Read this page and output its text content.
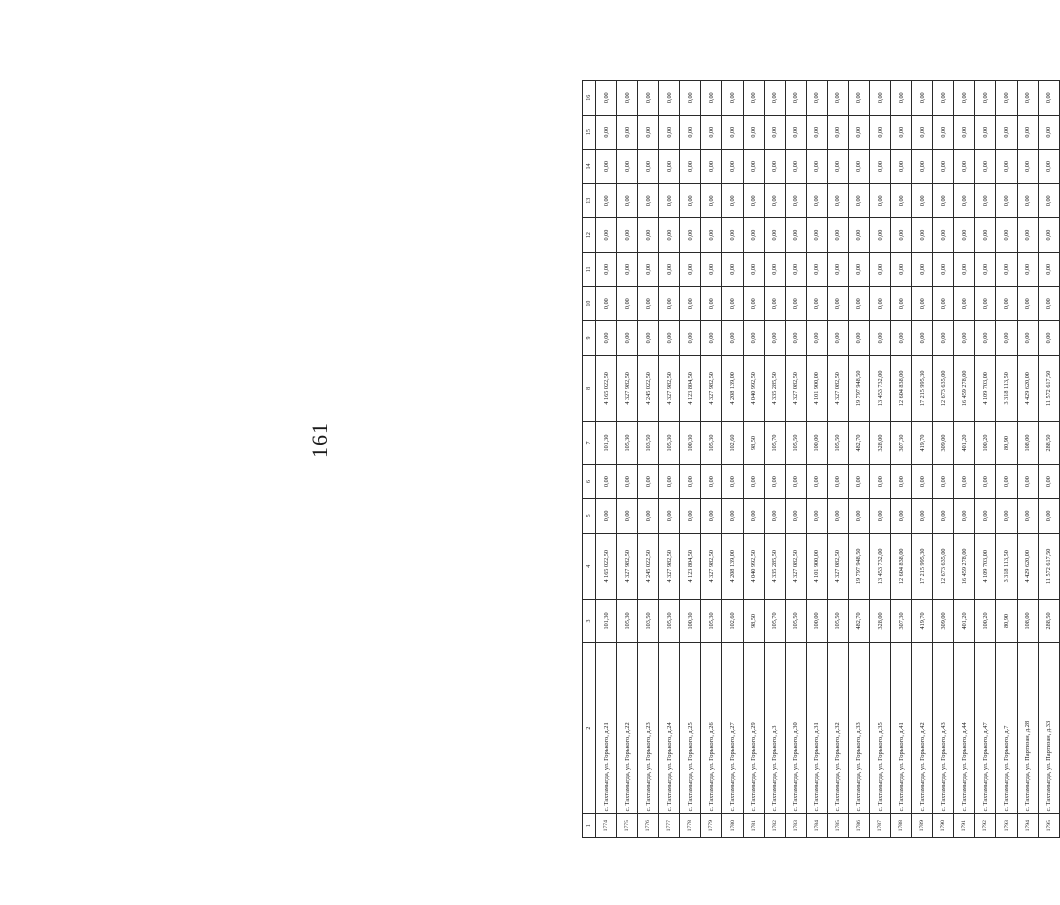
161
1	2	3	4	5	6	7	8	9	10	11	12	13	14	15	16
1774	с. Тахтамыгда, ул. Горького, д.21	101,30	4 165 022,50	0,00	0,00	101,30	4 165 022,50	0,00	0,00	0,00	0,00	0,00	0,00	0,00	0,00
1775	с. Тахтамыгда, ул. Горького, д.22	105,30	4 327 982,50	0,00	0,00	105,30	4 327 982,50	0,00	0,00	0,00	0,00	0,00	0,00	0,00	0,00
1776	с. Тахтамыгда, ул. Горького, д.23	103,50	4 245 022,50	0,00	0,00	103,50	4 245 022,50	0,00	0,00	0,00	0,00	0,00	0,00	0,00	0,00
1777	с. Тахтамыгда, ул. Горького, д.24	105,30	4 327 982,50	0,00	0,00	105,30	4 327 982,50	0,00	0,00	0,00	0,00	0,00	0,00	0,00	0,00
1778	с. Тахтамыгда, ул. Горького, д.25	100,30	4 123 804,50	0,00	0,00	100,30	4 123 804,50	0,00	0,00	0,00	0,00	0,00	0,00	0,00	0,00
1779	с. Тахтамыгда, ул. Горького, д.26	105,30	4 327 982,50	0,00	0,00	105,30	4 327 982,50	0,00	0,00	0,00	0,00	0,00	0,00	0,00	0,00
1780	с. Тахтамыгда, ул. Горького, д.27	102,60	4 208 139,00	0,00	0,00	102,60	4 208 139,00	0,00	0,00	0,00	0,00	0,00	0,00	0,00	0,00
1781	с. Тахтамыгда, ул. Горького, д.29	98,50	4 040 992,50	0,00	0,00	98,50	4 040 992,50	0,00	0,00	0,00	0,00	0,00	0,00	0,00	0,00
1782	с. Тахтамыгда, ул. Горького, д.3	105,70	4 335 285,50	0,00	0,00	105,70	4 335 285,50	0,00	0,00	0,00	0,00	0,00	0,00	0,00	0,00
1783	с. Тахтамыгда, ул. Горького, д.30	105,50	4 327 082,50	0,00	0,00	105,50	4 327 082,50	0,00	0,00	0,00	0,00	0,00	0,00	0,00	0,00
1784	с. Тахтамыгда, ул. Горького, д.31	100,00	4 101 900,00	0,00	0,00	100,00	4 101 900,00	0,00	0,00	0,00	0,00	0,00	0,00	0,00	0,00
1785	с. Тахтамыгда, ул. Горького, д.32	105,50	4 327 082,50	0,00	0,00	105,50	4 327 082,50	0,00	0,00	0,00	0,00	0,00	0,00	0,00	0,00
1786	с. Тахтамыгда, ул. Горького, д.33	482,70	19 797 948,50	0,00	0,00	482,70	19 797 948,50	0,00	0,00	0,00	0,00	0,00	0,00	0,00	0,00
1787	с. Тахтамыгда, ул. Горького, д.35	328,00	13 453 732,00	0,00	0,00	328,00	13 453 732,00	0,00	0,00	0,00	0,00	0,00	0,00	0,00	0,00
1788	с. Тахтамыгда, ул. Горького, д.41	307,30	12 604 838,00	0,00	0,00	307,30	12 604 838,00	0,00	0,00	0,00	0,00	0,00	0,00	0,00	0,00
1789	с. Тахтамыгда, ул. Горького, д.42	419,70	17 215 995,30	0,00	0,00	419,70	17 215 995,30	0,00	0,00	0,00	0,00	0,00	0,00	0,00	0,00
1790	с. Тахтамыгда, ул. Горького, д.43	309,00	12 673 635,00	0,00	0,00	309,00	12 673 635,00	0,00	0,00	0,00	0,00	0,00	0,00	0,00	0,00
1791	с. Тахтамыгда, ул. Горького, д.44	401,20	16 459 278,00	0,00	0,00	401,20	16 459 278,00	0,00	0,00	0,00	0,00	0,00	0,00	0,00	0,00
1792	с. Тахтамыгда, ул. Горького, д.47	100,20	4 109 703,00	0,00	0,00	100,20	4 109 703,00	0,00	0,00	0,00	0,00	0,00	0,00	0,00	0,00
1793	с. Тахтамыгда, ул. Горького, д.7	80,90	3 318 113,50	0,00	0,00	80,90	3 318 113,50	0,00	0,00	0,00	0,00	0,00	0,00	0,00	0,00
1794	с. Тахтамыгда, ул. Партизан, д.28	108,00	4 429 620,00	0,00	0,00	108,00	4 429 620,00	0,00	0,00	0,00	0,00	0,00	0,00	0,00	0,00
1795	с. Тахтамыгда, ул. Партизан, д.33	288,50	11 572 617,50	0,00	0,00	288,50	11 572 617,50	0,00	0,00	0,00	0,00	0,00	0,00	0,00	0,00
